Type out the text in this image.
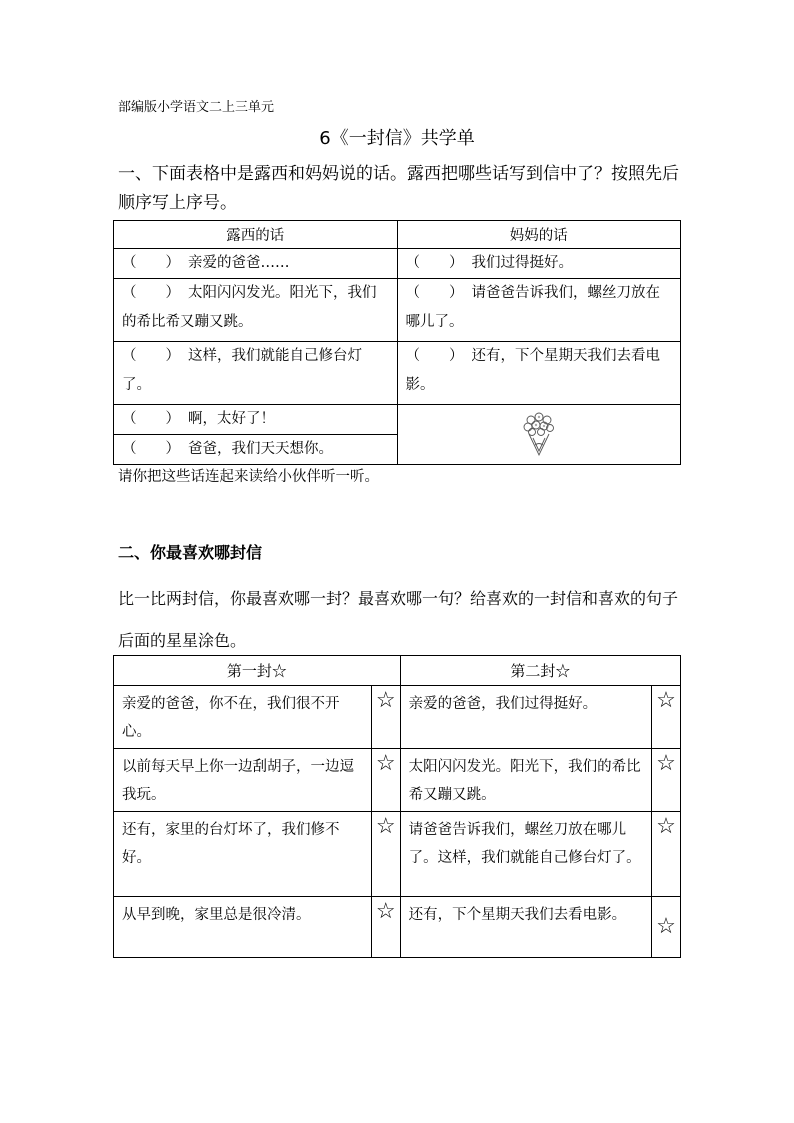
部编版小学语文二上三单元
6《一封信》共学单
一、下面表格中是露西和妈妈说的话。露西把哪些话写到信中了？按照先后顺序写上序号。
露西的话	妈妈的话
（　　） 亲爱的爸爸……	（　　） 我们过得挺好。
（　　） 太阳闪闪发光。阳光下，我们的希比希又蹦又跳。	（　　） 请爸爸告诉我们，螺丝刀放在哪儿了。
（　　） 这样，我们就能自己修台灯了。	（　　） 还有，下个星期天我们去看电影。
（　　） 啊，太好了！	

（　　） 爸爸，我们天天想你。	
请你把这些话连起来读给小伙伴听一听。
二、你最喜欢哪封信
比一比两封信，你最喜欢哪一封？最喜欢哪一句？给喜欢的一封信和喜欢的句子后面的星星涂色。
第一封☆		第二封☆	
亲爱的爸爸，你不在，我们很不开心。	☆	亲爱的爸爸，我们过得挺好。	☆
以前每天早上你一边刮胡子，一边逗我玩。	☆	太阳闪闪发光。阳光下，我们的希比希又蹦又跳。	☆
还有，家里的台灯坏了，我们修不好。	☆	请爸爸告诉我们，螺丝刀放在哪儿了。这样，我们就能自己修台灯了。	☆
从早到晚，家里总是很冷清。	☆	还有，下个星期天我们去看电影。	☆
